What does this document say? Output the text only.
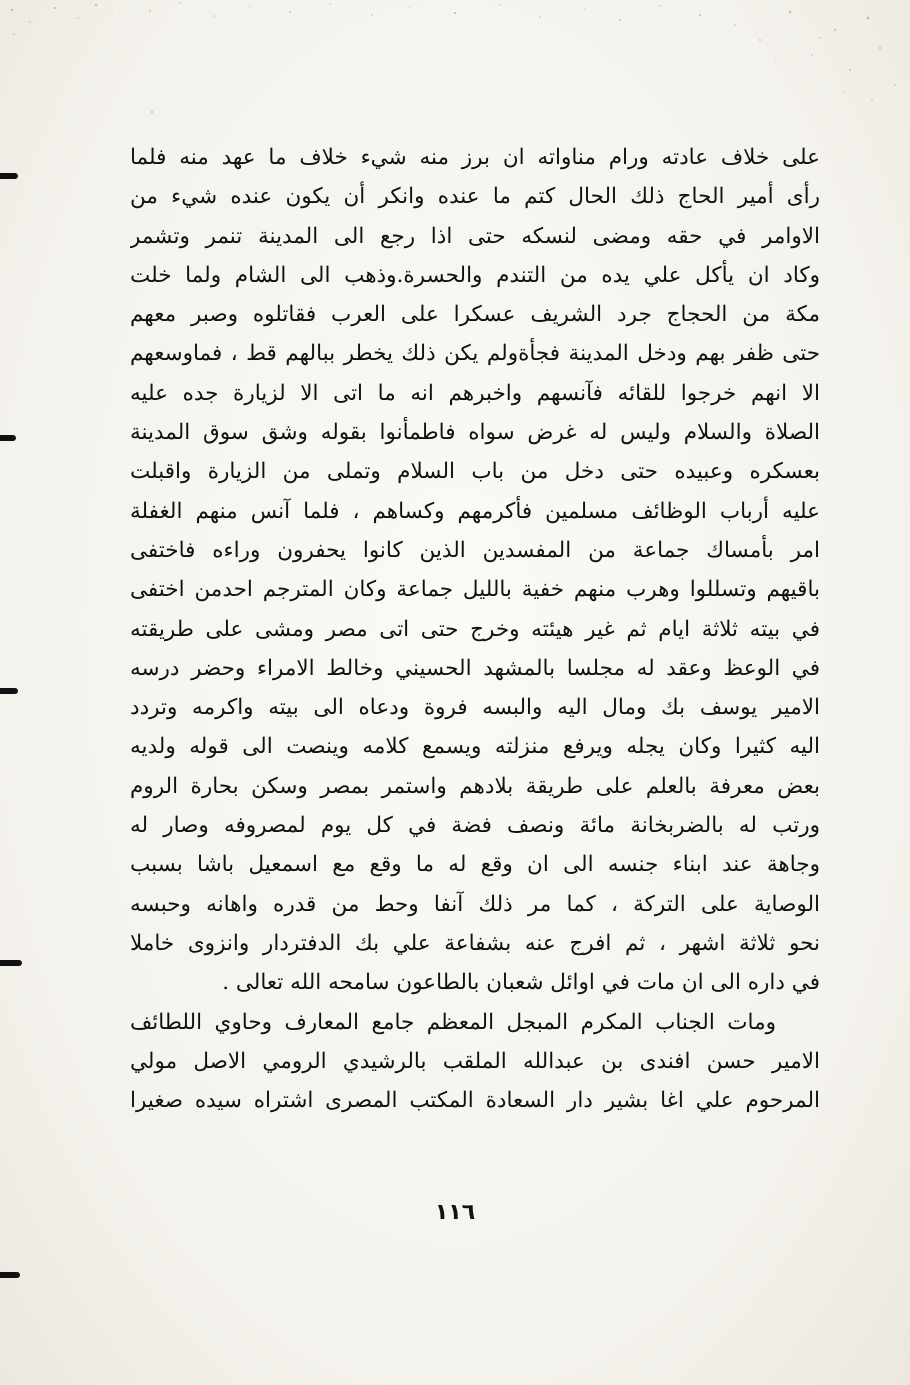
على خلاف عادته ورام مناواته ان برز منه شيء خلاف ما عهد منه فلما
رأى أمير الحاج ذلك الحال كتم ما عنده وانكر أن يكون عنده شيء من
الاوامر في حقه ومضى لنسكه حتى اذا رجع الى المدينة تنمر وتشمر
وكاد ان يأكل علي يده من التندم والحسرة.وذهب الى الشام ولما خلت
مكة من الحجاج جرد الشريف عسكرا على العرب فقاتلوه وصبر معهم
حتى ظفر بهم ودخل المدينة فجأةولم يكن ذلك يخطر ببالهم قط ، فماوسعهم
الا انهم خرجوا للقائه فآنسهم واخبرهم انه ما اتى الا لزيارة جده عليه
الصلاة والسلام وليس له غرض سواه فاطمأنوا بقوله وشق سوق المدينة
بعسكره وعبيده حتى دخل من باب السلام وتملى من الزيارة واقبلت
عليه أرباب الوظائف مسلمين فأكرمهم وكساهم ، فلما آنس منهم الغفلة
امر بأمساك جماعة من المفسدين الذين كانوا يحفرون وراءه فاختفى
باقيهم وتسللوا وهرب منهم خفية بالليل جماعة وكان المترجم احدمن اختفى
في بيته ثلاثة ايام ثم غير هيئته وخرج حتى اتى مصر ومشى على طريقته
في الوعظ وعقد له مجلسا بالمشهد الحسيني وخالط الامراء وحضر درسه
الامير يوسف بك ومال اليه والبسه فروة ودعاه الى بيته واكرمه وتردد
اليه كثيرا وكان يجله ويرفع منزلته ويسمع كلامه وينصت الى قوله ولديه
بعض معرفة بالعلم على طريقة بلادهم واستمر بمصر وسكن بحارة الروم
ورتب له بالضربخانة مائة ونصف فضة في كل يوم لمصروفه وصار له
وجاهة عند ابناء جنسه الى ان وقع له ما وقع مع اسمعيل باشا بسبب
الوصاية على التركة ، كما مر ذلك آنفا وحط من قدره واهانه وحبسه
نحو ثلاثة اشهر ، ثم افرج عنه بشفاعة علي بك الدفتردار وانزوى خاملا
في داره الى ان مات في اوائل شعبان بالطاعون سامحه الله تعالى .
ومات الجناب المكرم المبجل المعظم جامع المعارف وحاوي اللطائف
الامير حسن افندى بن عبدالله الملقب بالرشيدي الرومي الاصل مولي
المرحوم علي اغا بشير دار السعادة المكتب المصرى اشتراه سيده صغيرا
١١٦
